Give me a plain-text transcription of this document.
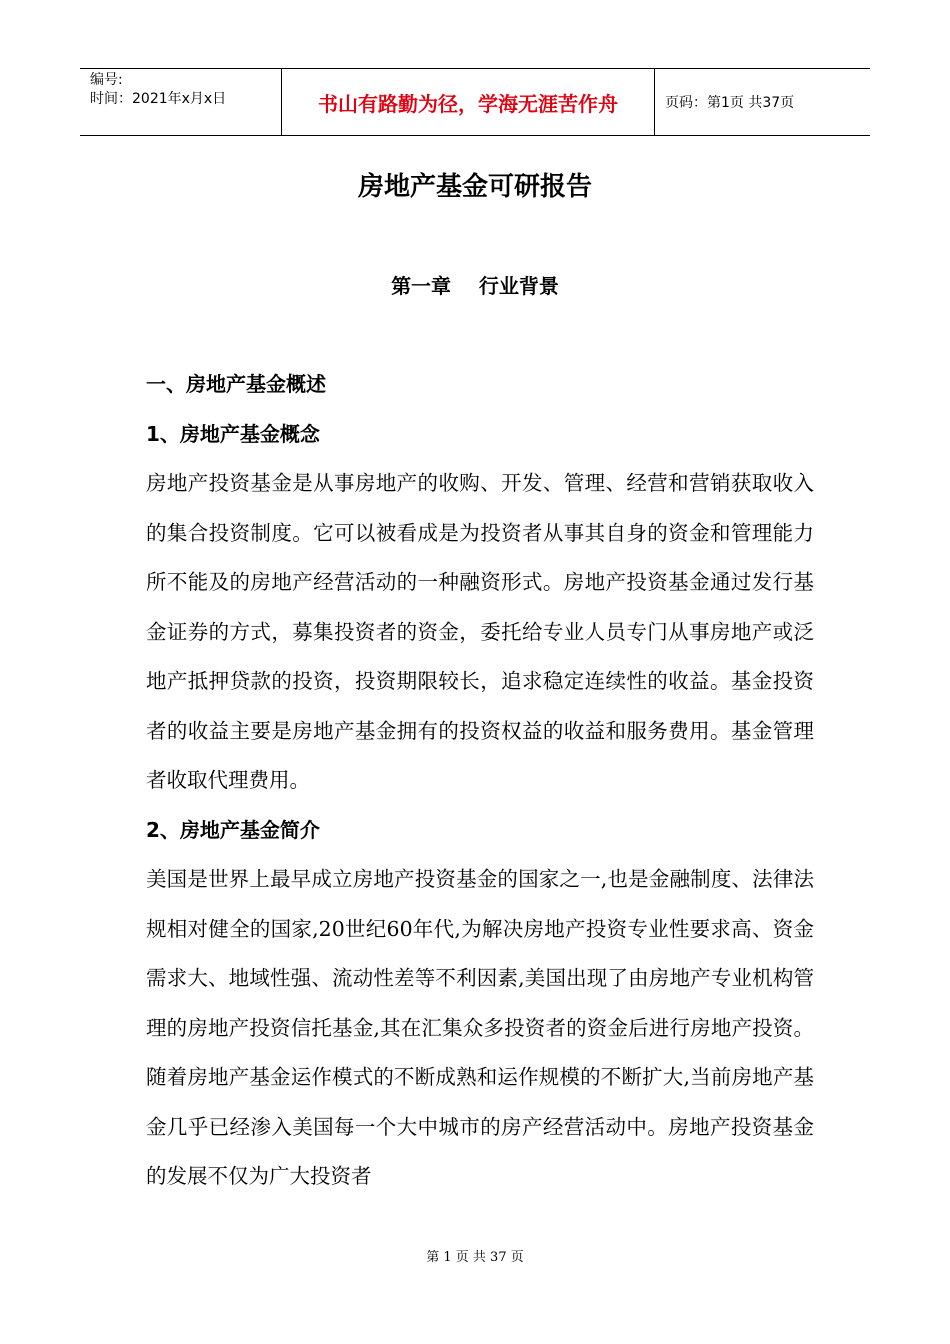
编号:
时间：2021年x月x日	书山有路勤为径，学海无涯苦作舟	页码：第1页 共37页
房地产基金可研报告
第一章    行业背景
一、房地产基金概述
1、房地产基金概念
房地产投资基金是从事房地产的收购、开发、管理、经营和营销获取收入的集合投资制度。它可以被看成是为投资者从事其自身的资金和管理能力所不能及的房地产经营活动的一种融资形式。房地产投资基金通过发行基金证券的方式，募集投资者的资金，委托给专业人员专门从事房地产或泛地产抵押贷款的投资，投资期限较长，追求稳定连续性的收益。基金投资者的收益主要是房地产基金拥有的投资权益的收益和服务费用。基金管理者收取代理费用。
2、房地产基金简介
美国是世界上最早成立房地产投资基金的国家之一,也是金融制度、法律法规相对健全的国家,20世纪60年代,为解决房地产投资专业性要求高、资金需求大、地域性强、流动性差等不利因素,美国出现了由房地产专业机构管理的房地产投资信托基金,其在汇集众多投资者的资金后进行房地产投资。随着房地产基金运作模式的不断成熟和运作规模的不断扩大,当前房地产基金几乎已经渗入美国每一个大中城市的房产经营活动中。房地产投资基金的发展不仅为广大投资者
第 1 页 共 37 页
